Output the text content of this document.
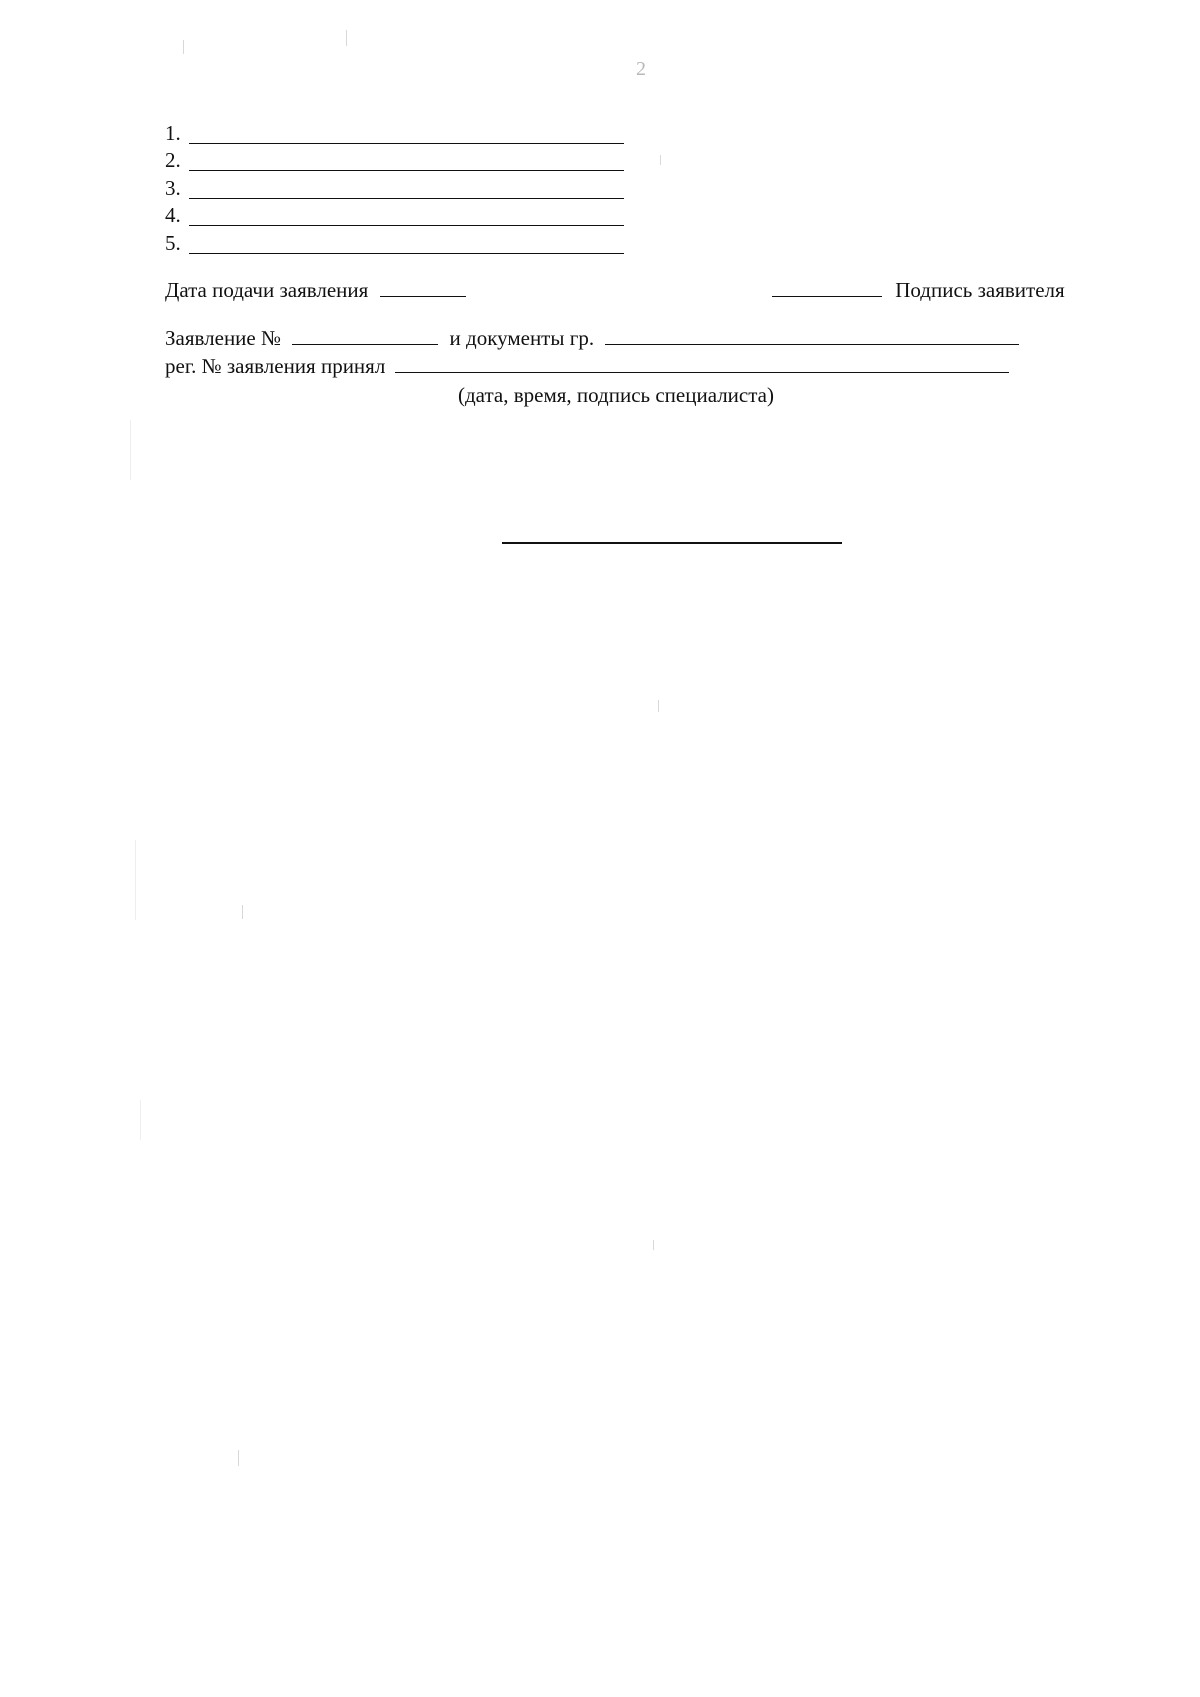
2
1.
2.
3.
4.
5.
Дата подачи заявления	Подпись заявителя
Заявление №	и документы гр.
рег. № заявления принял
(дата, время, подпись специалиста)
